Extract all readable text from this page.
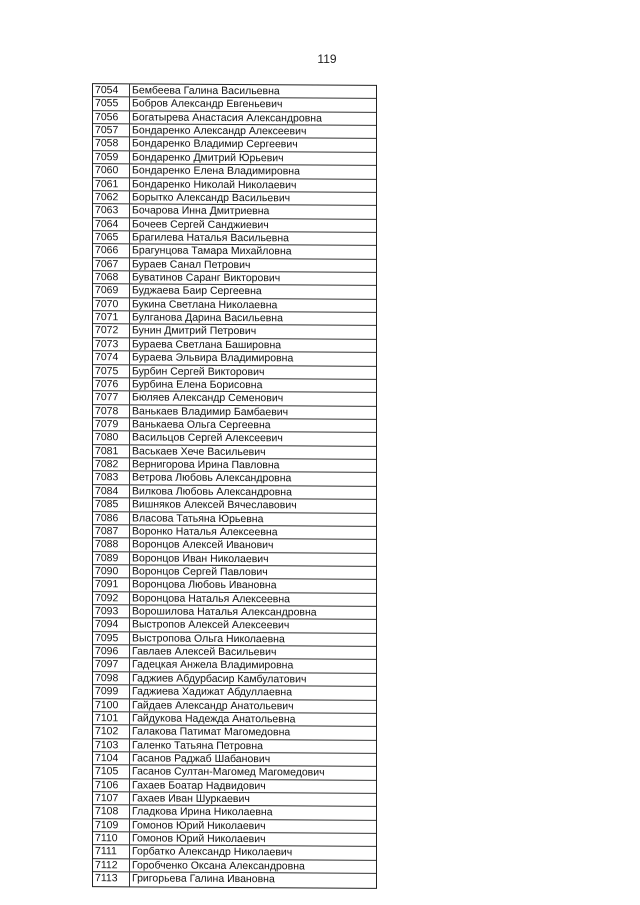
119
7054	Бембеева Галина Васильевна
7055	Бобров Александр Евгеньевич
7056	Богатырева Анастасия Александровна
7057	Бондаренко Александр Алексеевич
7058	Бондаренко Владимир Сергеевич
7059	Бондаренко Дмитрий Юрьевич
7060	Бондаренко Елена Владимировна
7061	Бондаренко Николай Николаевич
7062	Борытко Александр Васильевич
7063	Бочарова Инна Дмитриевна
7064	Бочеев Сергей Санджиевич
7065	Брагилева Наталья Васильевна
7066	Брагунцова Тамара Михайловна
7067	Бураев Санал Петрович
7068	Буватинов Саранг Викторович
7069	Буджаева Баир Сергеевна
7070	Букина Светлана Николаевна
7071	Булганова Дарина Васильевна
7072	Бунин Дмитрий Петрович
7073	Бураева Светлана Башировна
7074	Бураева Эльвира Владимировна
7075	Бурбин Сергей Викторович
7076	Бурбина Елена Борисовна
7077	Бюляев Александр Семенович
7078	Ванькаев Владимир Бамбаевич
7079	Ванькаева Ольга Сергеевна
7080	Васильцов Сергей Алексеевич
7081	Васькаев Хече Васильевич
7082	Вернигорова Ирина Павловна
7083	Ветрова Любовь Александровна
7084	Вилкова Любовь Александровна
7085	Вишняков Алексей Вячеславович
7086	Власова Татьяна Юрьевна
7087	Воронко Наталья Алексеевна
7088	Воронцов Алексей Иванович
7089	Воронцов Иван Николаевич
7090	Воронцов Сергей Павлович
7091	Воронцова Любовь Ивановна
7092	Воронцова Наталья Алексеевна
7093	Ворошилова Наталья Александровна
7094	Выстропов Алексей Алексеевич
7095	Выстропова Ольга Николаевна
7096	Гавлаев Алексей Васильевич
7097	Гадецкая Анжела Владимировна
7098	Гаджиев Абдурбасир Камбулатович
7099	Гаджиева Хадижат Абдуллаевна
7100	Гайдаев Александр Анатольевич
7101	Гайдукова Надежда Анатольевна
7102	Галакова Патимат Магомедовна
7103	Галенко Татьяна Петровна
7104	Гасанов Раджаб Шабанович
7105	Гасанов Султан-Магомед Магомедович
7106	Гахаев Боатар Надвидович
7107	Гахаев Иван Шуркаевич
7108	Гладкова Ирина Николаевна
7109	Гомонов Юрий Николаевич
7110	Гомонов Юрий Николаевич
7111	Горбатко Александр Николаевич
7112	Горобченко Оксана Александровна
7113	Григорьева Галина Ивановна
